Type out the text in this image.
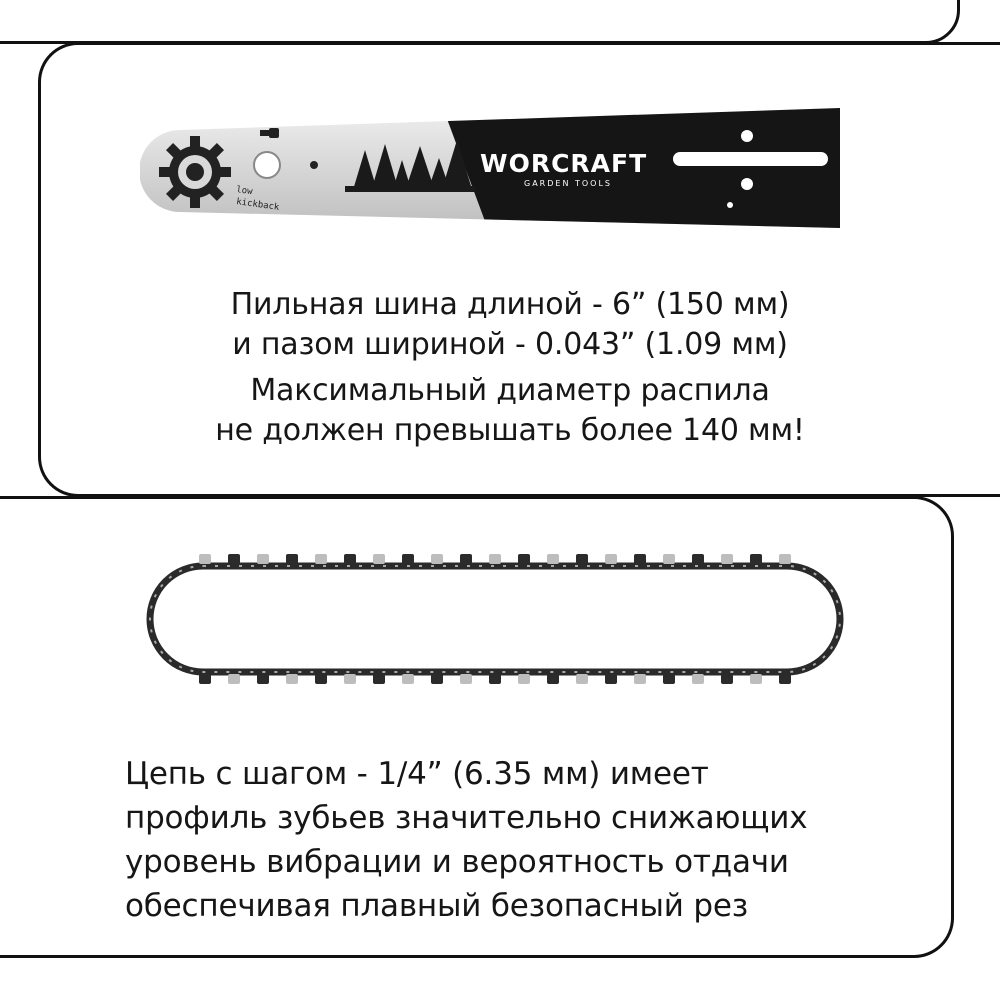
low
kickback
WORCRAFT
GARDEN TOOLS

Пильная шина длиной - 6” (150 мм)
и пазом шириной - 0.043” (1.09 мм)
Максимальный диаметр распила
не должен превышать более 140 мм!

Цепь с шагом - 1/4” (6.35 мм) имеет
профиль зубьев значительно снижающих
уровень вибрации и вероятность отдачи
обеспечивая плавный безопасный рез
